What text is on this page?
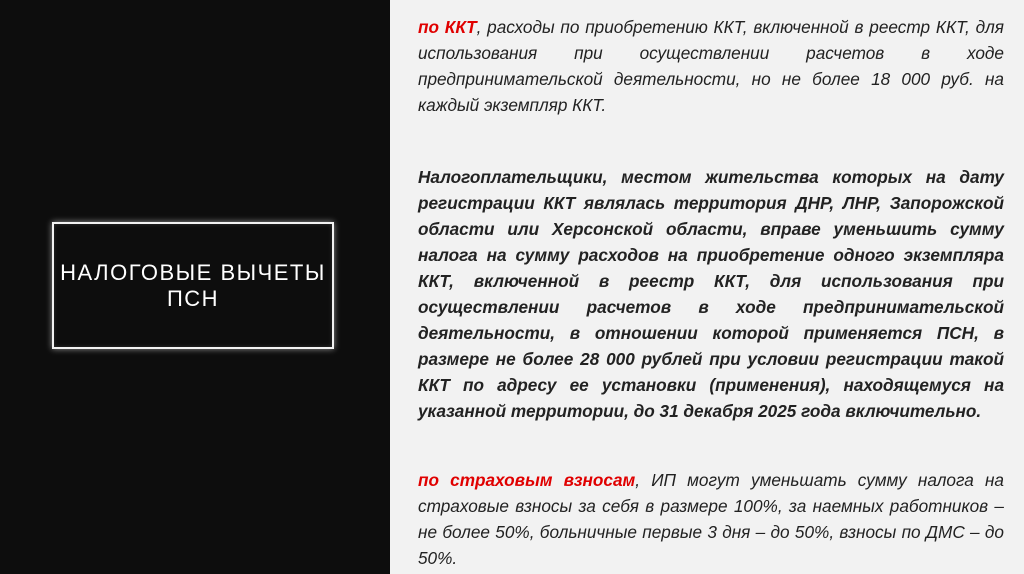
НАЛОГОВЫЕ ВЫЧЕТЫ
ПСН
по ККТ, расходы по приобретению ККТ, включенной в реестр ККТ, для использования при осуществлении расчетов в ходе предпринимательской деятельности, но не более 18 000 руб. на каждый экземпляр ККТ.
Налогоплательщики, местом жительства которых на дату регистрации ККТ являлась территория ДНР, ЛНР, Запорожской области или Херсонской области, вправе уменьшить сумму налога на сумму расходов на приобретение одного экземпляра ККТ, включенной в реестр ККТ, для использования при осуществлении расчетов в ходе предпринимательской деятельности, в отношении которой применяется ПСН, в размере не более 28 000 рублей при условии регистрации такой ККТ по адресу ее установки (применения), находящемуся на указанной территории, до 31 декабря 2025 года включительно.
по страховым взносам, ИП могут уменьшать сумму налога на страховые взносы за себя в размере 100%, за наемных работников – не более 50%, больничные первые 3 дня – до 50%, взносы по ДМС – до 50%.
